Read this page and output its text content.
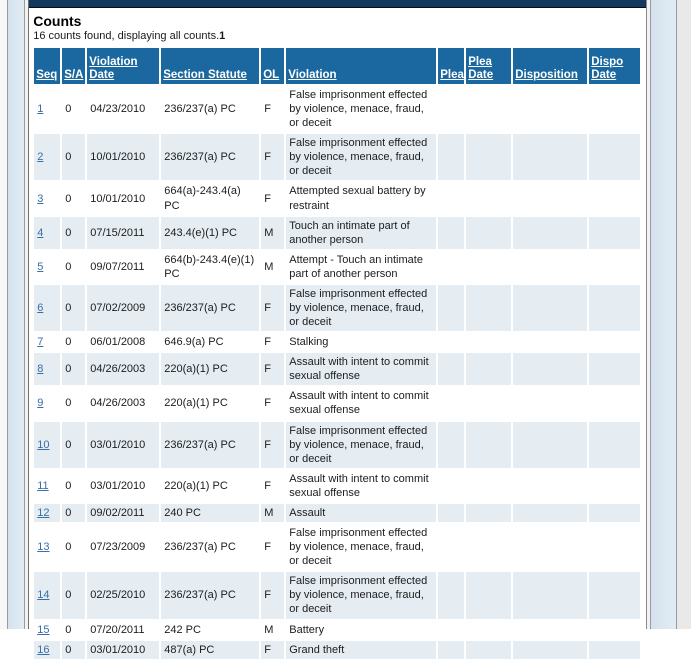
Counts
16 counts found, displaying all counts.1
Seq	S/A	Violation Date	Section Statute	OL	Violation	Plea	Plea Date	Disposition	Dispo Date
1	0	04/23/2010	236/237(a) PC	F	False imprisonment effected by violence, menace, fraud, or deceit				
2	0	10/01/2010	236/237(a) PC	F	False imprisonment effected by violence, menace, fraud, or deceit				
3	0	10/01/2010	664(a)-243.4(a) PC	F	Attempted sexual battery by restraint				
4	0	07/15/2011	243.4(e)(1) PC	M	Touch an intimate part of another person				
5	0	09/07/2011	664(b)-243.4(e)(1) PC	M	Attempt - Touch an intimate part of another person				
6	0	07/02/2009	236/237(a) PC	F	False imprisonment effected by violence, menace, fraud, or deceit				
7	0	06/01/2008	646.9(a) PC	F	Stalking				
8	0	04/26/2003	220(a)(1) PC	F	Assault with intent to commit sexual offense				
9	0	04/26/2003	220(a)(1) PC	F	Assault with intent to commit sexual offense				
10	0	03/01/2010	236/237(a) PC	F	False imprisonment effected by violence, menace, fraud, or deceit				
11	0	03/01/2010	220(a)(1) PC	F	Assault with intent to commit sexual offense				
12	0	09/02/2011	240 PC	M	Assault				
13	0	07/23/2009	236/237(a) PC	F	False imprisonment effected by violence, menace, fraud, or deceit				
14	0	02/25/2010	236/237(a) PC	F	False imprisonment effected by violence, menace, fraud, or deceit				
15	0	07/20/2011	242 PC	M	Battery				
16	0	03/01/2010	487(a) PC	F	Grand theft				
